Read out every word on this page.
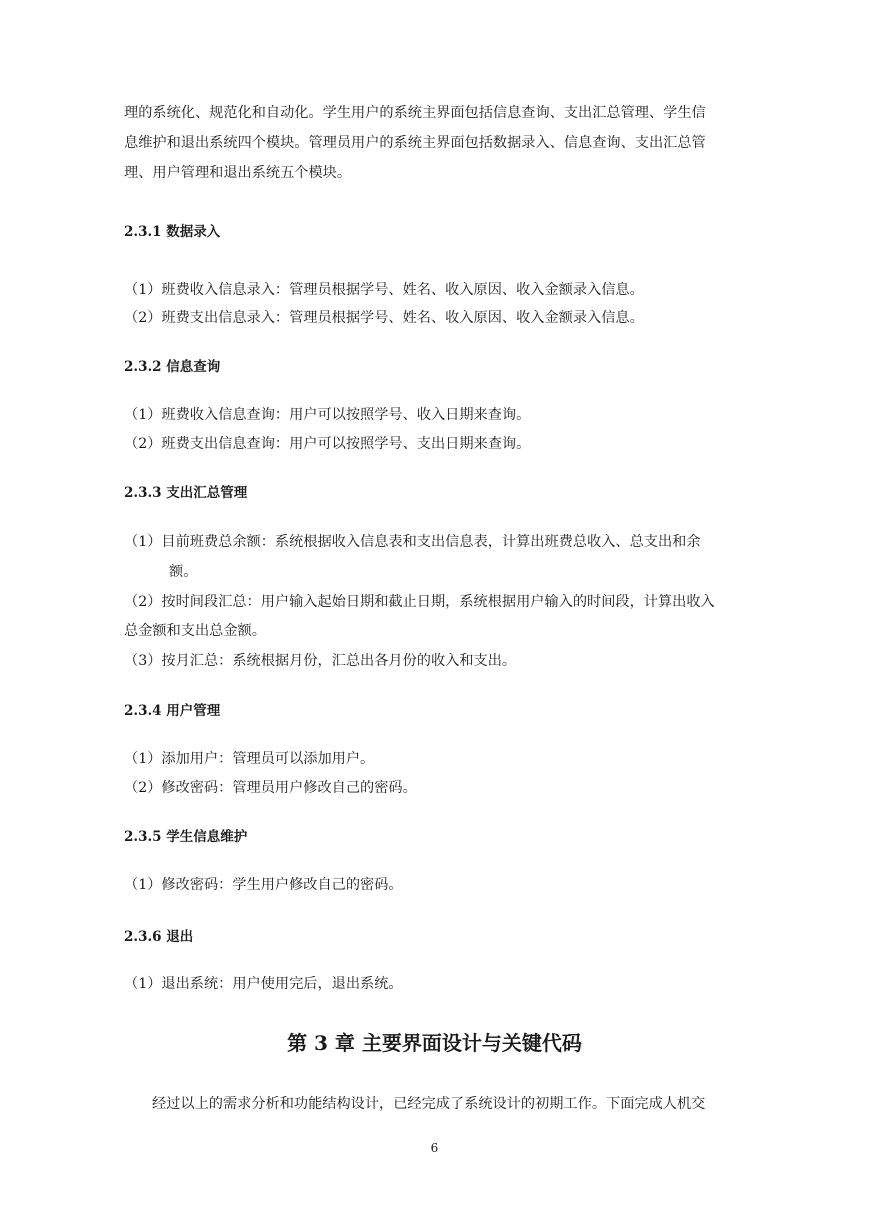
理的系统化、规范化和自动化。学生用户的系统主界面包括信息查询、支出汇总管理、学生信
息维护和退出系统四个模块。管理员用户的系统主界面包括数据录入、信息查询、支出汇总管
理、用户管理和退出系统五个模块。
2.3.1 数据录入
（1）班费收入信息录入：管理员根据学号、姓名、收入原因、收入金额录入信息。
（2）班费支出信息录入：管理员根据学号、姓名、收入原因、收入金额录入信息。
2.3.2 信息查询
（1）班费收入信息查询：用户可以按照学号、收入日期来查询。
（2）班费支出信息查询：用户可以按照学号、支出日期来查询。
2.3.3 支出汇总管理
（1）目前班费总余额：系统根据收入信息表和支出信息表，计算出班费总收入、总支出和余
额。
（2）按时间段汇总：用户输入起始日期和截止日期，系统根据用户输入的时间段，计算出收入
总金额和支出总金额。
（3）按月汇总：系统根据月份，汇总出各月份的收入和支出。
2.3.4 用户管理
（1）添加用户：管理员可以添加用户。
（2）修改密码：管理员用户修改自己的密码。
2.3.5 学生信息维护
（1）修改密码：学生用户修改自己的密码。
2.3.6 退出
（1）退出系统：用户使用完后，退出系统。
第 3 章 主要界面设计与关键代码
经过以上的需求分析和功能结构设计，已经完成了系统设计的初期工作。下面完成人机交
6
